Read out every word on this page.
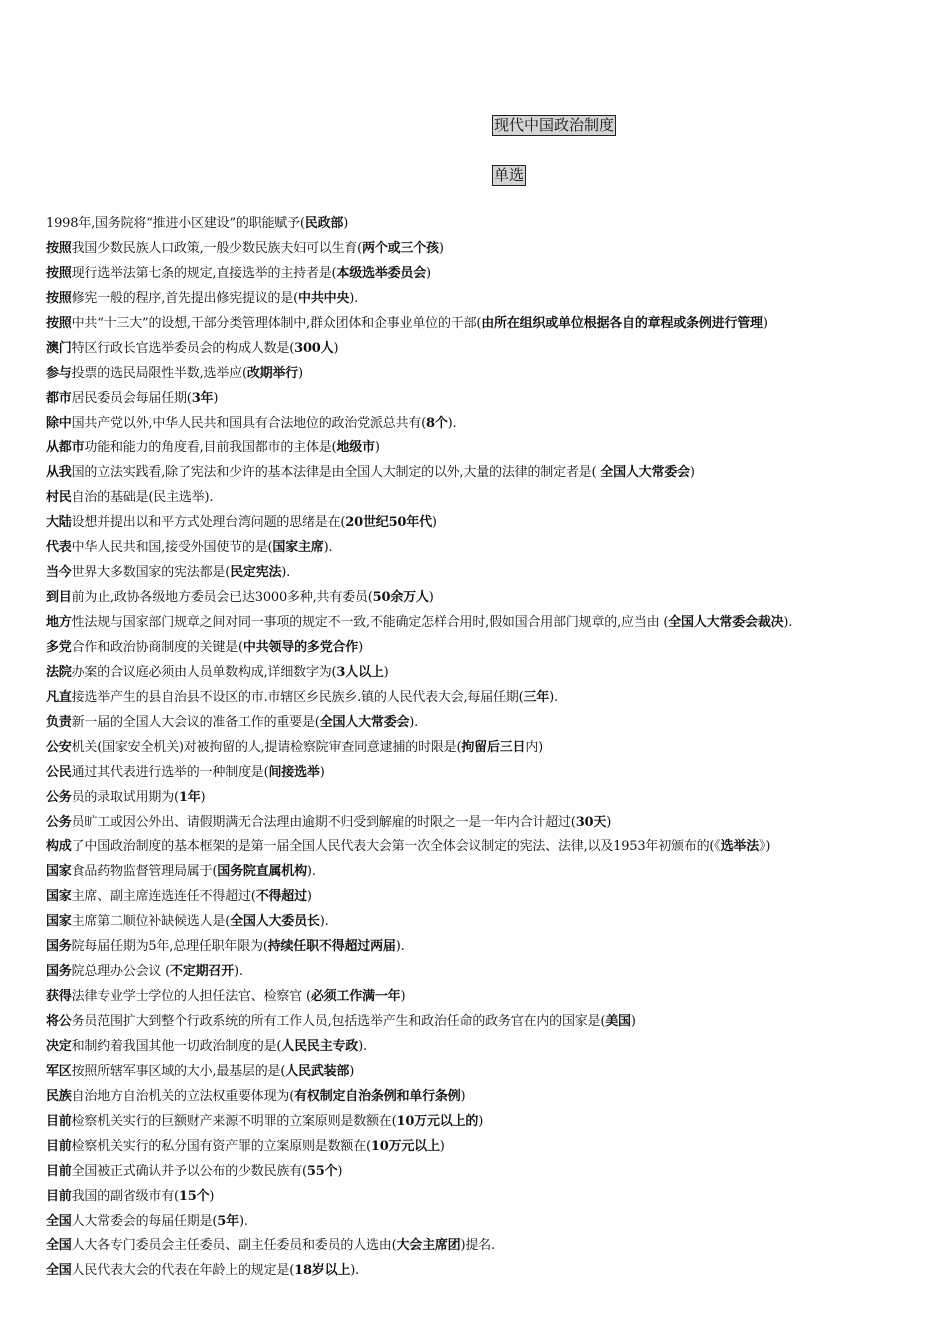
现代中国政治制度
单选
1998年,国务院将“推进小区建设”的职能赋予(民政部)
按照我国少数民族人口政策,一般少数民族夫妇可以生育(两个或三个孩)
按照现行选举法第七条的规定,直接选举的主持者是(本级选举委员会)
按照修宪一般的程序,首先提出修宪提议的是(中共中央).
按照中共“十三大”的设想,干部分类管理体制中,群众团体和企事业单位的干部(由所在组织或单位根据各自的章程或条例进行管理)
澳门特区行政长官选举委员会的构成人数是(300人)
参与投票的选民局限性半数,选举应(改期举行)
都市居民委员会每届任期(3年)
除中国共产党以外,中华人民共和国具有合法地位的政治党派总共有(8个).
从都市功能和能力的角度看,目前我国都市的主体是(地级市)
从我国的立法实践看,除了宪法和少许的基本法律是由全国人大制定的以外,大量的法律的制定者是( 全国人大常委会)
村民自治的基础是(民主选举).
大陆设想并提出以和平方式处理台湾问题的思绪是在(20世纪50年代)
代表中华人民共和国,接受外国使节的是(国家主席).
当今世界大多数国家的宪法都是(民定宪法).
到目前为止,政协各级地方委员会已达3000多种,共有委员(50余万人)
地方性法规与国家部门规章之间对同一事项的规定不一致,不能确定怎样合用时,假如国合用部门规章的,应当由 (全国人大常委会裁决).
多党合作和政治协商制度的关键是(中共领导的多党合作)
法院办案的合议庭必须由人员单数构成,详细数字为(3人以上)
凡直接选举产生的县自治县不设区的市.市辖区乡民族乡.镇的人民代表大会,每届任期(三年).
负责新一届的全国人大会议的准备工作的重要是(全国人大常委会).
公安机关(国家安全机关)对被拘留的人,提请检察院审查同意逮捕的时限是(拘留后三日内)
公民通过其代表进行选举的一种制度是(间接选举)
公务员的录取试用期为(1年)
公务员旷工或因公外出、请假期满无合法理由逾期不归受到解雇的时限之一是一年内合计超过(30天)
构成了中国政治制度的基本框架的是第一届全国人民代表大会第一次全体会议制定的宪法、法律,以及1953年初颁布的(《选举法》)
国家食品药物监督管理局属于(国务院直属机构).
国家主席、副主席连选连任不得超过(不得超过)
国家主席第二顺位补缺候选人是(全国人大委员长).
国务院每届任期为5年,总理任职年限为(持续任职不得超过两届).
国务院总理办公会议 (不定期召开).
获得法律专业学士学位的人担任法官、检察官 (必须工作满一年)
将公务员范围扩大到整个行政系统的所有工作人员,包括选举产生和政治任命的政务官在内的国家是(美国)
决定和制约着我国其他一切政治制度的是(人民民主专政).
军区按照所辖军事区域的大小,最基层的是(人民武装部)
民族自治地方自治机关的立法权重要体现为(有权制定自治条例和单行条例)
目前检察机关实行的巨额财产来源不明罪的立案原则是数额在(10万元以上的)
目前检察机关实行的私分国有资产罪的立案原则是数额在(10万元以上)
目前全国被正式确认并予以公布的少数民族有(55个)
目前我国的副省级市有(15个)
全国人大常委会的每届任期是(5年).
全国人大各专门委员会主任委员、副主任委员和委员的人选由(大会主席团)提名.
全国人民代表大会的代表在年龄上的规定是(18岁以上).
